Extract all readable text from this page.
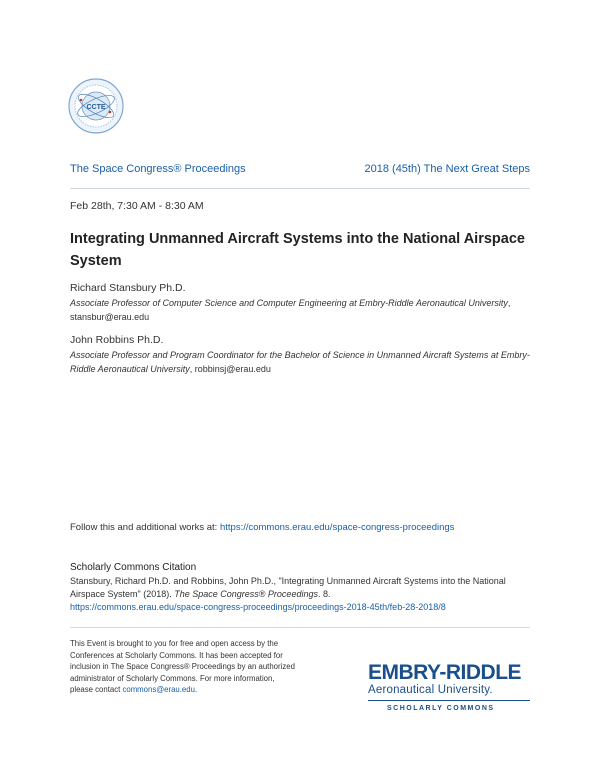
CCTE
The Space Congress® Proceedings	2018 (45th) The Next Great Steps
Feb 28th, 7:30 AM - 8:30 AM
Integrating Unmanned Aircraft Systems into the National Airspace System
Richard Stansbury Ph.D.
Associate Professor of Computer Science and Computer Engineering at Embry-Riddle Aeronautical University, stansbur@erau.edu
John Robbins Ph.D.
Associate Professor and Program Coordinator for the Bachelor of Science in Unmanned Aircraft Systems at Embry-Riddle Aeronautical University, robbinsj@erau.edu
Follow this and additional works at: https://commons.erau.edu/space-congress-proceedings
Scholarly Commons Citation
Stansbury, Richard Ph.D. and Robbins, John Ph.D., "Integrating Unmanned Aircraft Systems into the National Airspace System" (2018). The Space Congress® Proceedings. 8.
https://commons.erau.edu/space-congress-proceedings/proceedings-2018-45th/feb-28-2018/8
This Event is brought to you for free and open access by the Conferences at Scholarly Commons. It has been accepted for inclusion in The Space Congress® Proceedings by an authorized administrator of Scholarly Commons. For more information, please contact commons@erau.edu.
EMBRY-RIDDLE
Aeronautical University.
SCHOLARLY COMMONS
